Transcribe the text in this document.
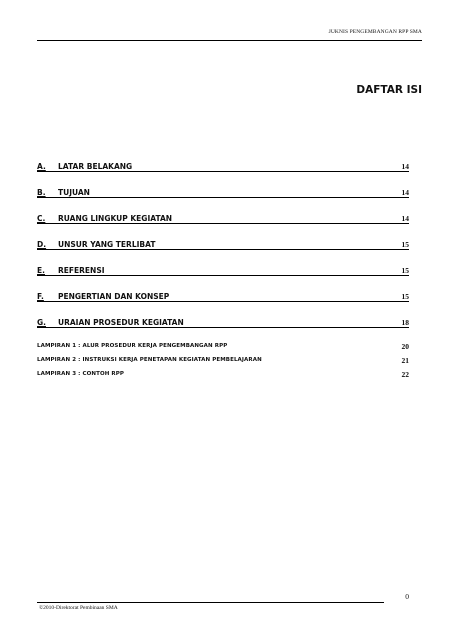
JUKNIS PENGEMBANGAN RPP SMA
DAFTAR ISI
A. LATAR BELAKANG	14
B. TUJUAN	14
C. RUANG LINGKUP KEGIATAN	14
D. UNSUR YANG TERLIBAT	15
E. REFERENSI	15
F. PENGERTIAN DAN KONSEP	15
G. URAIAN PROSEDUR KEGIATAN	18
LAMPIRAN 1 : ALUR PROSEDUR KERJA PENGEMBANGAN RPP	20
LAMPIRAN 2 : INSTRUKSI KERJA PENETAPAN KEGIATAN PEMBELAJARAN	21
LAMPIRAN 3 : CONTOH RPP	22
0
©2010-Direktorat Pembinaan SMA
